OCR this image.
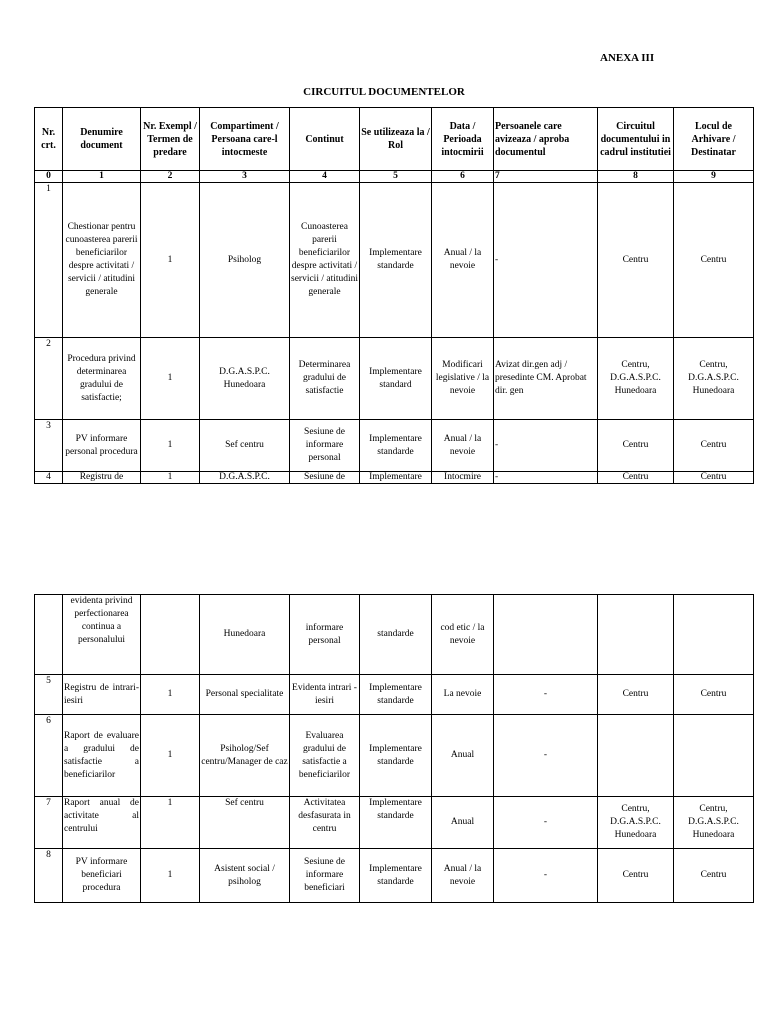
ANEXA III
CIRCUITUL DOCUMENTELOR
Nr. crt.	Denumire document	Nr. Exempl / Termen de predare	Compartiment / Persoana care-l intocmeste	Continut	Se utilizeaza la / Rol	Data / Perioada intocmirii	Persoanele care avizeaza / aproba documentul	Circuitul documentului in cadrul institutiei	Locul de Arhivare / Destinatar
0	1	2	3	4	5	6	7	8	9
1	Chestionar pentru cunoasterea parerii beneficiarilor despre activitati / servicii / atitudini generale	1	Psiholog	Cunoasterea parerii beneficiarilor despre activitati / servicii / atitudini generale	Implementare standarde	Anual / la nevoie	-	Centru	Centru
2	Procedura privind determinarea gradului de satisfactie;	1	D.G.A.S.P.C. Hunedoara	Determinarea gradului de satisfactie	Implementare standard	Modificari legislative / la nevoie	Avizat dir.gen adj / presedinte CM. Aprobat dir. gen	Centru, D.G.A.S.P.C. Hunedoara	Centru, D.G.A.S.P.C. Hunedoara
3	PV informare personal procedura	1	Sef centru	Sesiune de informare personal	Implementare standarde	Anual / la nevoie	-	Centru	Centru
4	Registru de	1	D.G.A.S.P.C.	Sesiune de	Implementare	Intocmire	-	Centru	Centru
	evidenta privind perfectionarea continua a personalului		Hunedoara	informare personal	standarde	cod etic / la nevoie			
5	Registru de intrari-iesiri	1	Personal specialitate	Evidenta intrari - iesiri	Implementare standarde	La nevoie	-	Centru	Centru
6	Raport de evaluare a gradului de satisfactie a beneficiarilor	1	Psiholog/Sef centru/Manager de caz	Evaluarea gradului de satisfactie a beneficiarilor	Implementare standarde	Anual	-		
7	Raport anual de activitate al centrului	1	Sef centru	Activitatea desfasurata in centru	Implementare standarde	Anual	-	Centru, D.G.A.S.P.C. Hunedoara	Centru, D.G.A.S.P.C. Hunedoara
8	PV informare beneficiari procedura	1	Asistent social / psiholog	Sesiune de informare beneficiari	Implementare standarde	Anual / la nevoie	-	Centru	Centru
